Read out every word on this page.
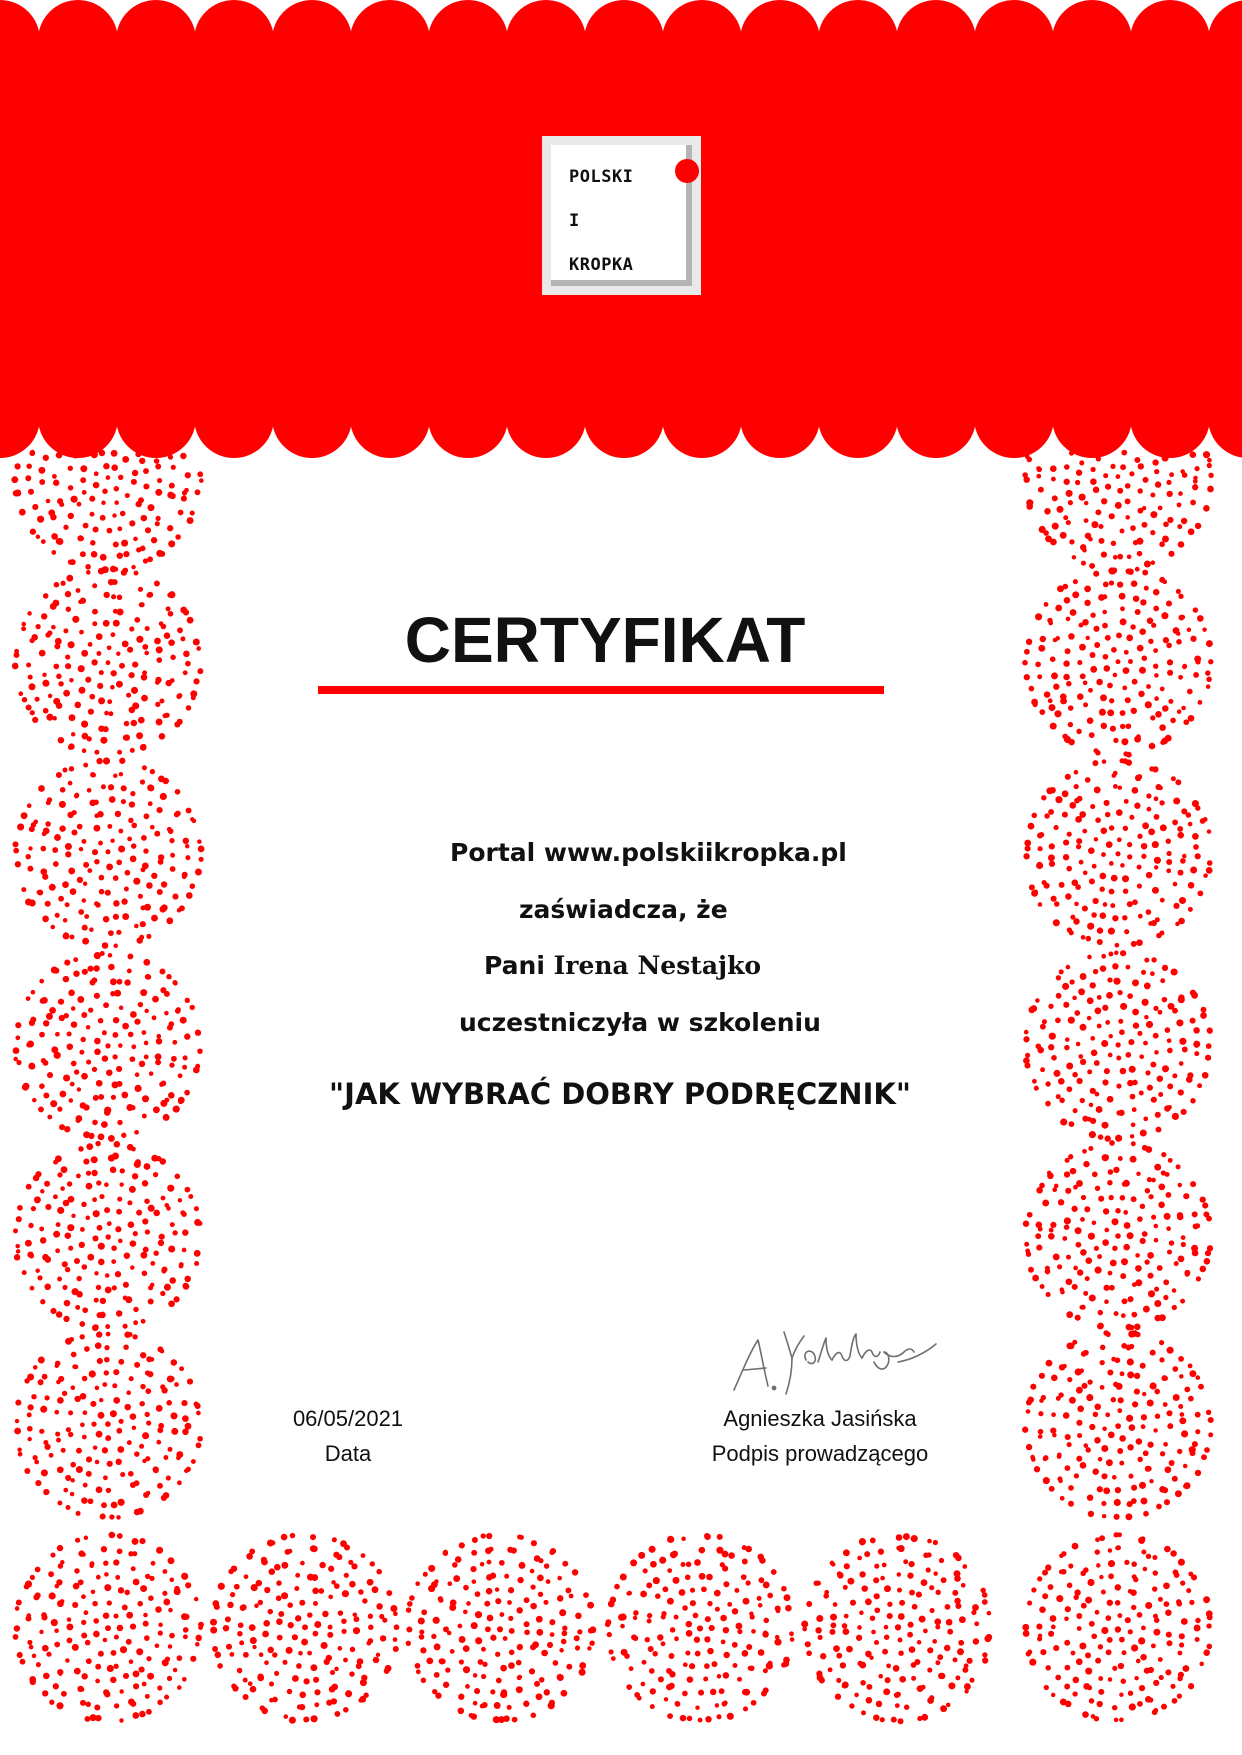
POLSKI
I
KROPKA
CERTYFIKAT
Portal www.polskiikropka.pl
zaświadcza, że
Pani Irena Nestajko
uczestniczyła w szkoleniu
"JAK WYBRAĆ DOBRY PODRĘCZNIK"
06/05/2021
Data
Agnieszka Jasińska
Podpis prowadzącego
